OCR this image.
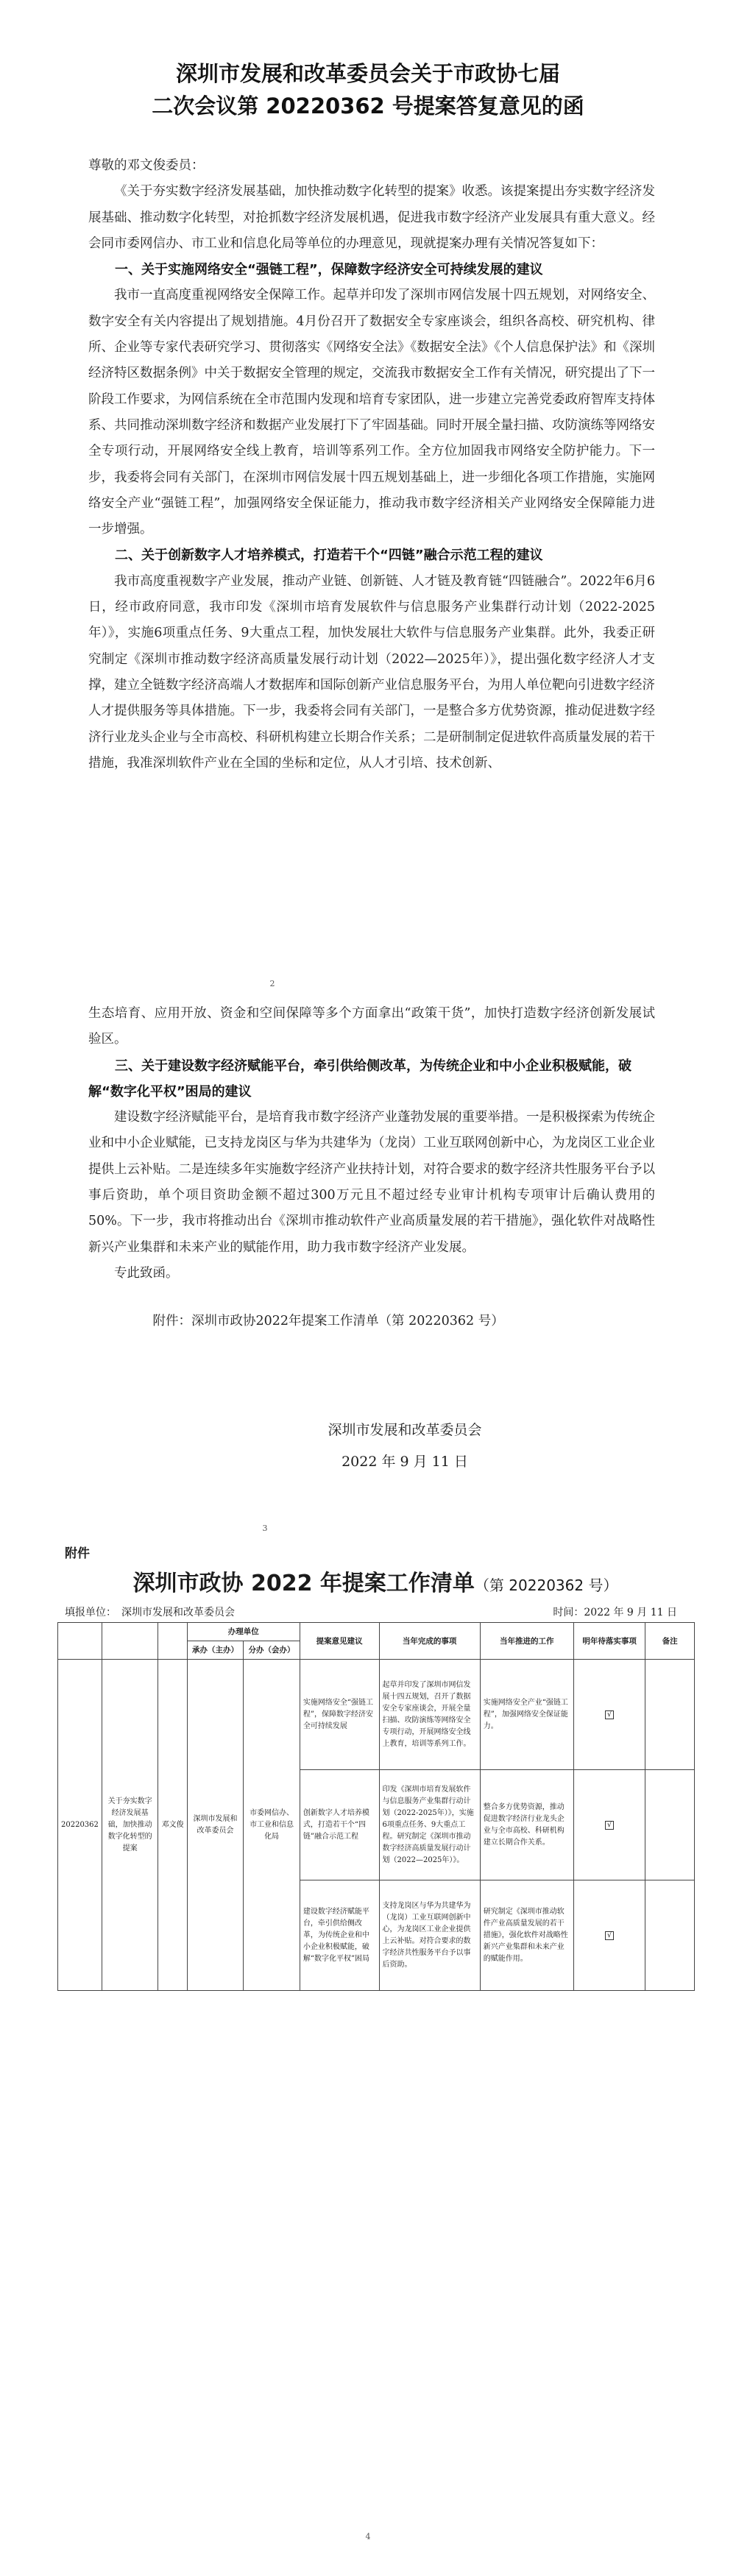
深圳市发展和改革委员会关于市政协七届
二次会议第 20220362 号提案答复意见的函
尊敬的邓文俊委员：
《关于夯实数字经济发展基础，加快推动数字化转型的提案》收悉。该提案提出夯实数字经济发展基础、推动数字化转型，对抢抓数字经济发展机遇，促进我市数字经济产业发展具有重大意义。经会同市委网信办、市工业和信息化局等单位的办理意见，现就提案办理有关情况答复如下：
一、关于实施网络安全“强链工程”，保障数字经济安全可持续发展的建议
我市一直高度重视网络安全保障工作。起草并印发了深圳市网信发展十四五规划，对网络安全、数字安全有关内容提出了规划措施。4月份召开了数据安全专家座谈会，组织各高校、研究机构、律所、企业等专家代表研究学习、贯彻落实《网络安全法》《数据安全法》《个人信息保护法》和《深圳经济特区数据条例》中关于数据安全管理的规定，交流我市数据安全工作有关情况，研究提出了下一阶段工作要求，为网信系统在全市范围内发现和培育专家团队，进一步建立完善党委政府智库支持体系、共同推动深圳数字经济和数据产业发展打下了牢固基础。同时开展全量扫描、攻防演练等网络安全专项行动，开展网络安全线上教育，培训等系列工作。全方位加固我市网络安全防护能力。下一步，我委将会同有关部门，在深圳市网信发展十四五规划基础上，进一步细化各项工作措施，实施网络安全产业“强链工程”，加强网络安全保证能力，推动我市数字经济相关产业网络安全保障能力进一步增强。
二、关于创新数字人才培养模式，打造若干个“四链”融合示范工程的建议
我市高度重视数字产业发展，推动产业链、创新链、人才链及教育链“四链融合”。2022年6月6日，经市政府同意，我市印发《深圳市培育发展软件与信息服务产业集群行动计划（2022-2025年）》，实施6项重点任务、9大重点工程，加快发展壮大软件与信息服务产业集群。此外，我委正研究制定《深圳市推动数字经济高质量发展行动计划（2022—2025年）》，提出强化数字经济人才支撑，建立全链数字经济高端人才数据库和国际创新产业信息服务平台，为用人单位靶向引进数字经济人才提供服务等具体措施。下一步，我委将会同有关部门，一是整合多方优势资源，推动促进数字经济行业龙头企业与全市高校、科研机构建立长期合作关系；二是研制制定促进软件高质量发展的若干措施，我准深圳软件产业在全国的坐标和定位，从人才引培、技术创新、
2
生态培育、应用开放、资金和空间保障等多个方面拿出“政策干货”，加快打造数字经济创新发展试验区。
三、关于建设数字经济赋能平台，牵引供给侧改革，为传统企业和中小企业积极赋能，破解“数字化平权”困局的建议
建设数字经济赋能平台，是培育我市数字经济产业蓬勃发展的重要举措。一是积极探索为传统企业和中小企业赋能，已支持龙岗区与华为共建华为（龙岗）工业互联网创新中心，为龙岗区工业企业提供上云补贴。二是连续多年实施数字经济产业扶持计划，对符合要求的数字经济共性服务平台予以事后资助，单个项目资助金额不超过300万元且不超过经专业审计机构专项审计后确认费用的50%。下一步，我市将推动出台《深圳市推动软件产业高质量发展的若干措施》，强化软件对战略性新兴产业集群和未来产业的赋能作用，助力我市数字经济产业发展。
专此致函。
附件：深圳市政协2022年提案工作清单（第 20220362 号）
深圳市发展和改革委员会
2022 年 9 月 11 日
3
附件
深圳市政协 2022 年提案工作清单（第 20220362 号）
填报单位：　深圳市发展和改革委员会	时间：2022 年 9 月 11 日
			办理单位		提案意见建议	当年完成的事项	当年推进的工作	明年待落实事项	备注
			承办（主办）	分办（会办）					
20220362	关于夯实数字经济发展基础，加快推动数字化转型的提案	邓文俊	深圳市发展和改革委员会	市委网信办、市工业和信息化局	实施网络安全“强链工程”，保障数字经济安全可持续发展	起草并印发了深圳市网信发展十四五规划，召开了数据安全专家座谈会，开展全量扫描、攻防演练等网络安全专项行动，开展网络安全线上教育，培训等系列工作。	实施网络安全产业“强链工程”，加强网络安全保证能力。	√	
					创新数字人才培养模式，打造若干个“四链”融合示范工程	印发《深圳市培育发展软件与信息服务产业集群行动计划（2022-2025年）》，实施6项重点任务、9大重点工程。研究制定《深圳市推动数字经济高质量发展行动计划（2022—2025年）》。	整合多方优势资源，推动促进数字经济行业龙头企业与全市高校、科研机构建立长期合作关系。	√	
					建设数字经济赋能平台，牵引供给侧改革，为传统企业和中小企业积极赋能，破解“数字化平权”困局	支持龙岗区与华为共建华为（龙岗）工业互联网创新中心，为龙岗区工业企业提供上云补贴。对符合要求的数字经济共性服务平台予以事后资助。	研究制定《深圳市推动软件产业高质量发展的若干措施》，强化软件对战略性新兴产业集群和未来产业的赋能作用。	√	
4
